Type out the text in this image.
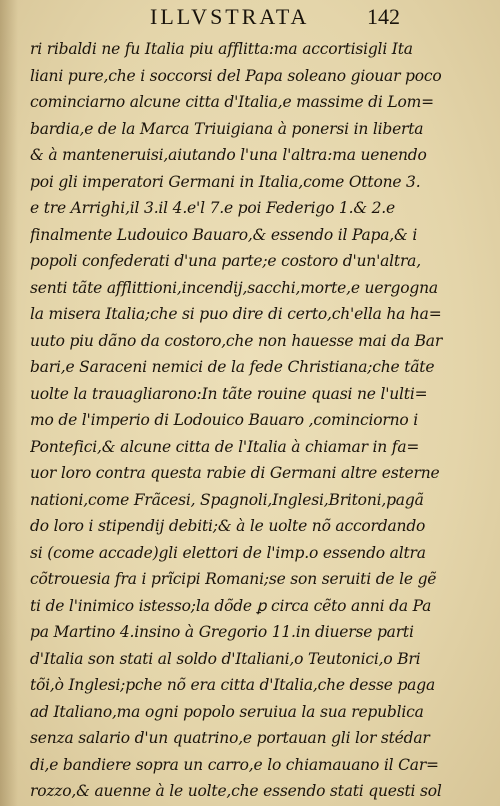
ILLVSTRATA	142
ri ribaldi ne fu Italia piu afflitta:ma accortisigli Ita
liani pure,che i soccorsi del Papa soleano giouar poco
cominciarno alcune citta d'Italia,e massime di Lom=
bardia,e de la Marca Triuigiana à ponersi in liberta
& à manteneruisi,aiutando l'una l'altra:ma uenendo
poi gli imperatori Germani in Italia,come Ottone 3.
e tre Arrighi,il 3.il 4.e'l 7.e poi Federigo 1.& 2.e
finalmente Ludouico Bauaro,& essendo il Papa,& i
popoli confederati d'una parte;e costoro d'un'altra,
senti tãte afflittioni,incendij,sacchi,morte,e uergogna
la misera Italia;che si puo dire di certo,ch'ella ha ha=
uuto piu dãno da costoro,che non hauesse mai da Bar
bari,e Saraceni nemici de la fede Christiana;che tãte
uolte la trauagliarono:In tãte rouine quasi ne l'ulti=
mo de l'imperio di Lodouico Bauaro ,cominciorno i
Pontefici,& alcune citta de l'Italia à chiamar in fa=
uor loro contra questa rabie di Germani altre esterne
nationi,come Frãcesi, Spagnoli,Inglesi,Britoni,pagã
do loro i stipendij debiti;& à le uolte nõ accordando
si (come accade)gli elettori de l'imp.o essendo altra
cõtrouesia fra i prĩcipi Romani;se son seruiti de le gẽ
ti de l'inimico istesso;la dõde ꝑ circa cẽto anni da Pa
pa Martino 4.insino à Gregorio 11.in diuerse parti
d'Italia son stati al soldo d'Italiani,o Teutonici,o Bri
tõi,ò Inglesi;pche nõ era citta d'Italia,che desse paga
ad Italiano,ma ogni popolo seruiua la sua republica
senza salario d'un quatrino,e portauan gli lor stédar
di,e bandiere sopra un carro,e lo chiamauano il Car=
rozzo,& auenne à le uolte,che essendo stati questi sol
